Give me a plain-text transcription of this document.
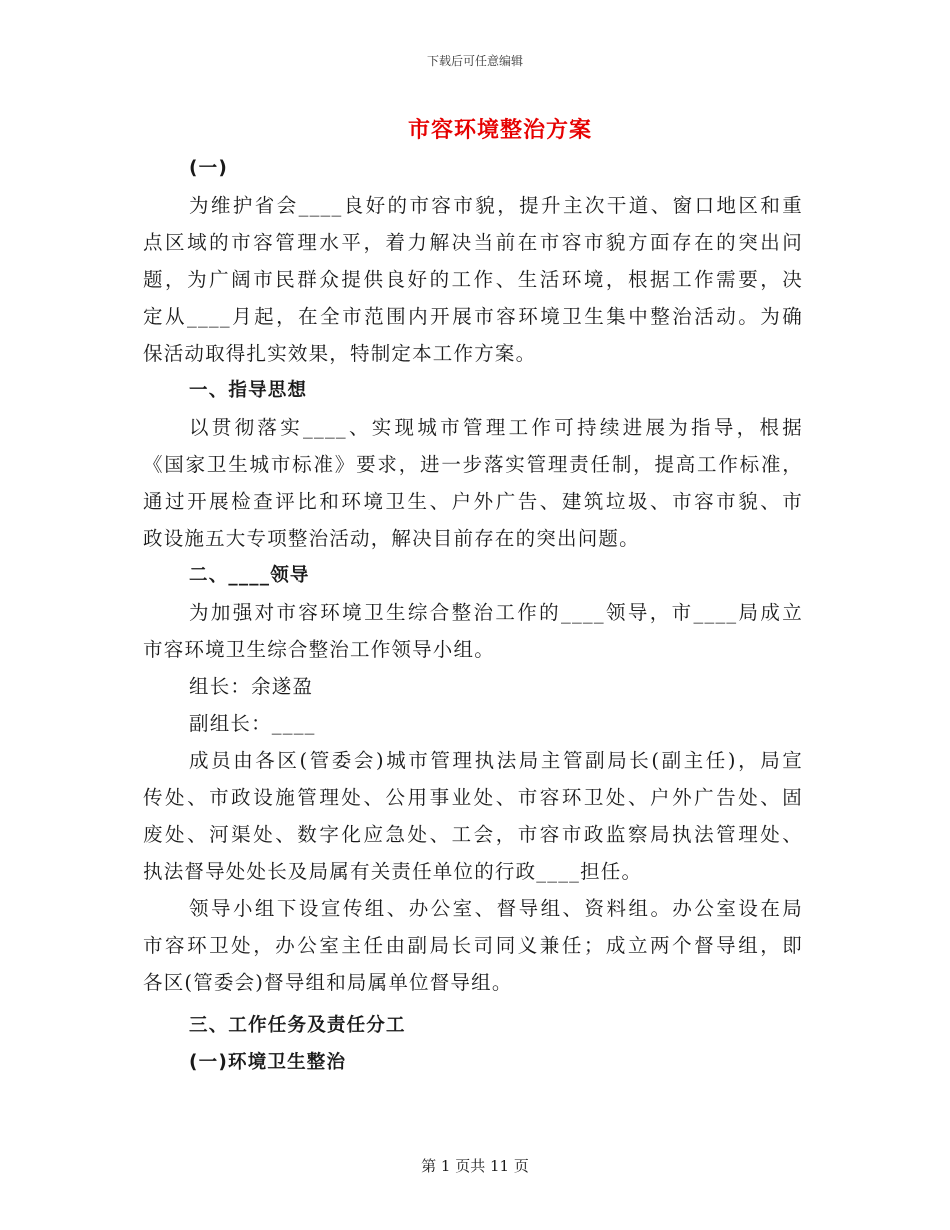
下载后可任意编辑
市容环境整治方案
(一)
为维护省会____良好的市容市貌，提升主次干道、窗口地区和重
点区域的市容管理水平，着力解决当前在市容市貌方面存在的突出问
题，为广阔市民群众提供良好的工作、生活环境，根据工作需要，决
定从____月起，在全市范围内开展市容环境卫生集中整治活动。为确
保活动取得扎实效果，特制定本工作方案。
一、指导思想
以贯彻落实____、实现城市管理工作可持续进展为指导，根据
《国家卫生城市标准》要求，进一步落实管理责任制，提高工作标准，
通过开展检查评比和环境卫生、户外广告、建筑垃圾、市容市貌、市
政设施五大专项整治活动，解决目前存在的突出问题。
二、____领导
为加强对市容环境卫生综合整治工作的____领导，市____局成立
市容环境卫生综合整治工作领导小组。
组长：余遂盈
副组长：____
成员由各区(管委会)城市管理执法局主管副局长(副主任)，局宣
传处、市政设施管理处、公用事业处、市容环卫处、户外广告处、固
废处、河渠处、数字化应急处、工会，市容市政监察局执法管理处、
执法督导处处长及局属有关责任单位的行政____担任。
领导小组下设宣传组、办公室、督导组、资料组。办公室设在局
市容环卫处，办公室主任由副局长司同义兼任；成立两个督导组，即
各区(管委会)督导组和局属单位督导组。
三、工作任务及责任分工
(一)环境卫生整治
第 1 页共 11 页
